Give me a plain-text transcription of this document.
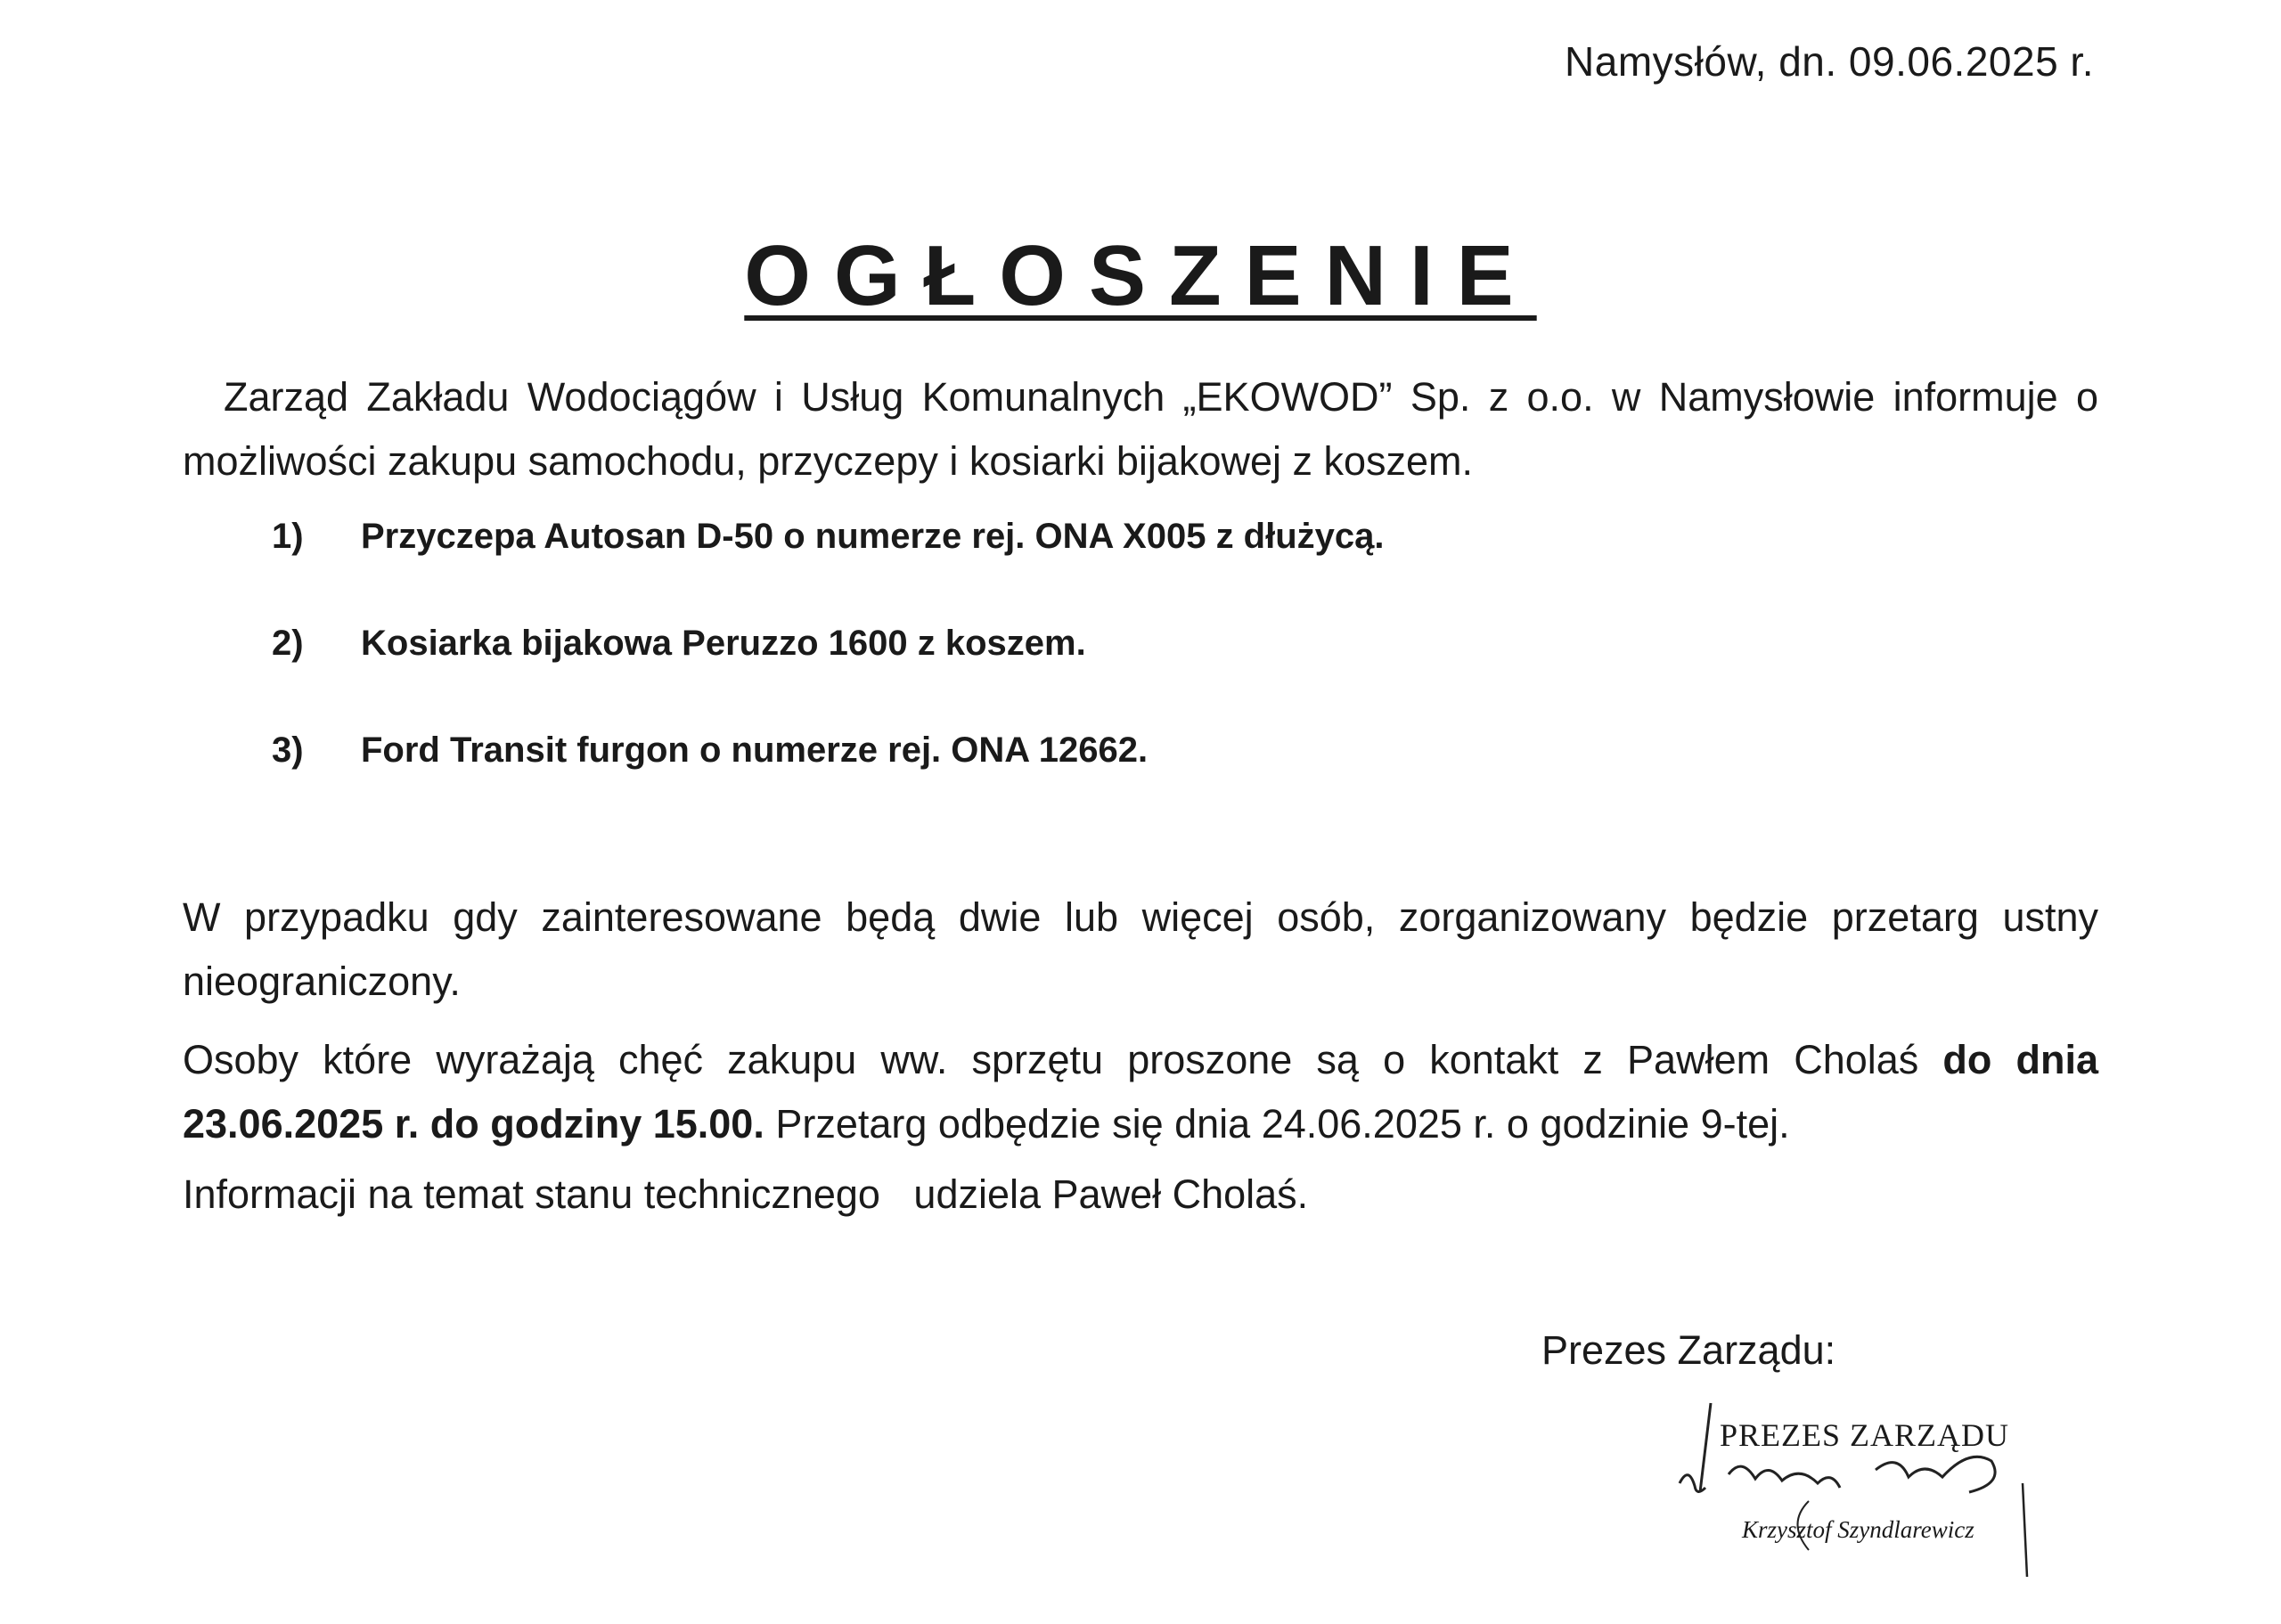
Namysłów, dn. 09.06.2025 r.
OGŁOSZENIE
Zarząd Zakładu Wodociągów i Usług Komunalnych „EKOWOD” Sp. z o.o. w Namysłowie informuje o możliwości zakupu samochodu, przyczepy i kosiarki bijakowej z koszem.
1)	Przyczepa Autosan D-50 o numerze rej. ONA X005 z dłużycą.
2)	Kosiarka bijakowa Peruzzo 1600 z koszem.
3)	Ford Transit furgon o numerze rej. ONA 12662.
W przypadku gdy zainteresowane będą dwie lub więcej osób, zorganizowany będzie przetarg ustny nieograniczony.
Osoby które wyrażają chęć zakupu ww. sprzętu proszone są o kontakt z Pawłem Cholaś do dnia 23.06.2025 r. do godziny 15.00. Przetarg odbędzie się dnia 24.06.2025 r. o godzinie 9-tej.
Informacji na temat stanu technicznego   udziela Paweł Cholaś.
Prezes Zarządu:
PREZES ZARZĄDU
Krzysztof Szyndlarewicz
